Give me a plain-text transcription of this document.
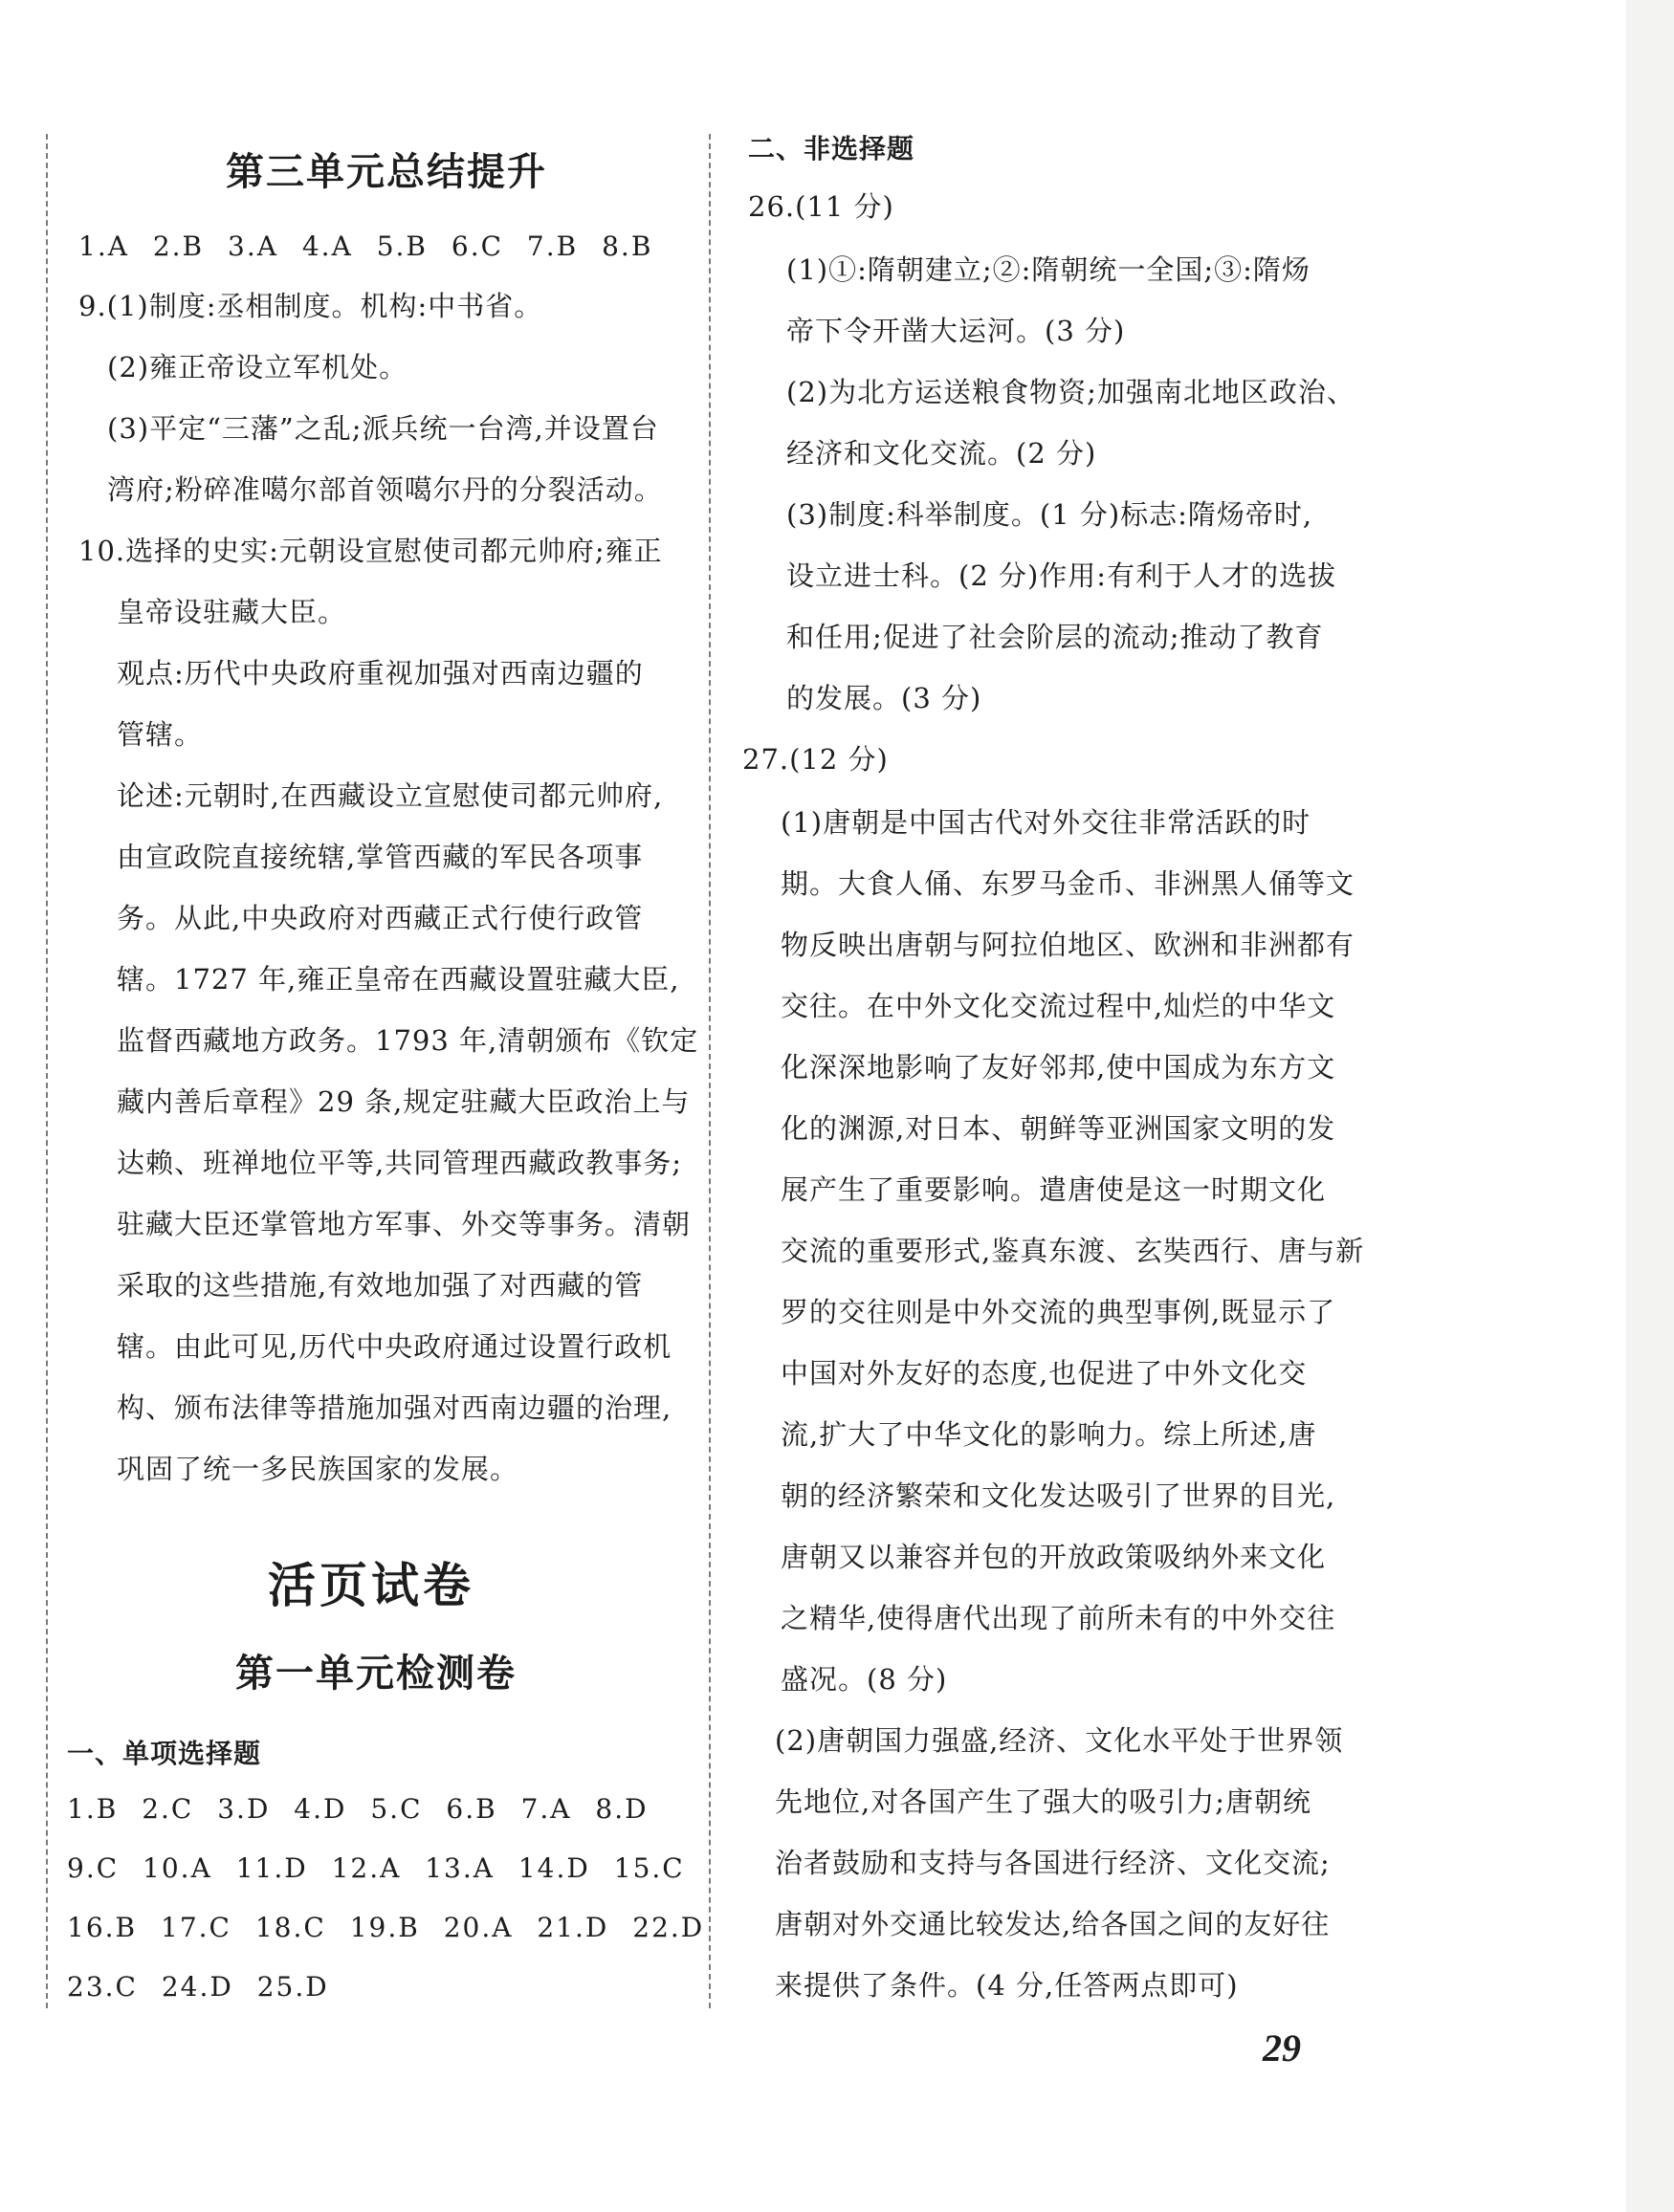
第三单元总结提升
1.A 2.B 3.A 4.A 5.B 6.C 7.B 8.B
9.(1)制度:丞相制度。机构:中书省。
(2)雍正帝设立军机处。
(3)平定“三藩”之乱;派兵统一台湾,并设置台
湾府;粉碎准噶尔部首领噶尔丹的分裂活动。
10.选择的史实:元朝设宣慰使司都元帅府;雍正
皇帝设驻藏大臣。
观点:历代中央政府重视加强对西南边疆的
管辖。
论述:元朝时,在西藏设立宣慰使司都元帅府,
由宣政院直接统辖,掌管西藏的军民各项事
务。从此,中央政府对西藏正式行使行政管
辖。1727 年,雍正皇帝在西藏设置驻藏大臣,
监督西藏地方政务。1793 年,清朝颁布《钦定
藏内善后章程》29 条,规定驻藏大臣政治上与
达赖、班禅地位平等,共同管理西藏政教事务;
驻藏大臣还掌管地方军事、外交等事务。清朝
采取的这些措施,有效地加强了对西藏的管
辖。由此可见,历代中央政府通过设置行政机
构、颁布法律等措施加强对西南边疆的治理,
巩固了统一多民族国家的发展。
活页试卷
第一单元检测卷
一、单项选择题
1.B 2.C 3.D 4.D 5.C 6.B 7.A 8.D
9.C 10.A 11.D 12.A 13.A 14.D 15.C
16.B 17.C 18.C 19.B 20.A 21.D 22.D
23.C 24.D 25.D
二、非选择题
26.(11 分)
(1)①:隋朝建立;②:隋朝统一全国;③:隋炀
帝下令开凿大运河。(3 分)
(2)为北方运送粮食物资;加强南北地区政治、
经济和文化交流。(2 分)
(3)制度:科举制度。(1 分)标志:隋炀帝时,
设立进士科。(2 分)作用:有利于人才的选拔
和任用;促进了社会阶层的流动;推动了教育
的发展。(3 分)
27.(12 分)
(1)唐朝是中国古代对外交往非常活跃的时
期。大食人俑、东罗马金币、非洲黑人俑等文
物反映出唐朝与阿拉伯地区、欧洲和非洲都有
交往。在中外文化交流过程中,灿烂的中华文
化深深地影响了友好邻邦,使中国成为东方文
化的渊源,对日本、朝鲜等亚洲国家文明的发
展产生了重要影响。遣唐使是这一时期文化
交流的重要形式,鉴真东渡、玄奘西行、唐与新
罗的交往则是中外交流的典型事例,既显示了
中国对外友好的态度,也促进了中外文化交
流,扩大了中华文化的影响力。综上所述,唐
朝的经济繁荣和文化发达吸引了世界的目光,
唐朝又以兼容并包的开放政策吸纳外来文化
之精华,使得唐代出现了前所未有的中外交往
盛况。(8 分)
(2)唐朝国力强盛,经济、文化水平处于世界领
先地位,对各国产生了强大的吸引力;唐朝统
治者鼓励和支持与各国进行经济、文化交流;
唐朝对外交通比较发达,给各国之间的友好往
来提供了条件。(4 分,任答两点即可)
29
